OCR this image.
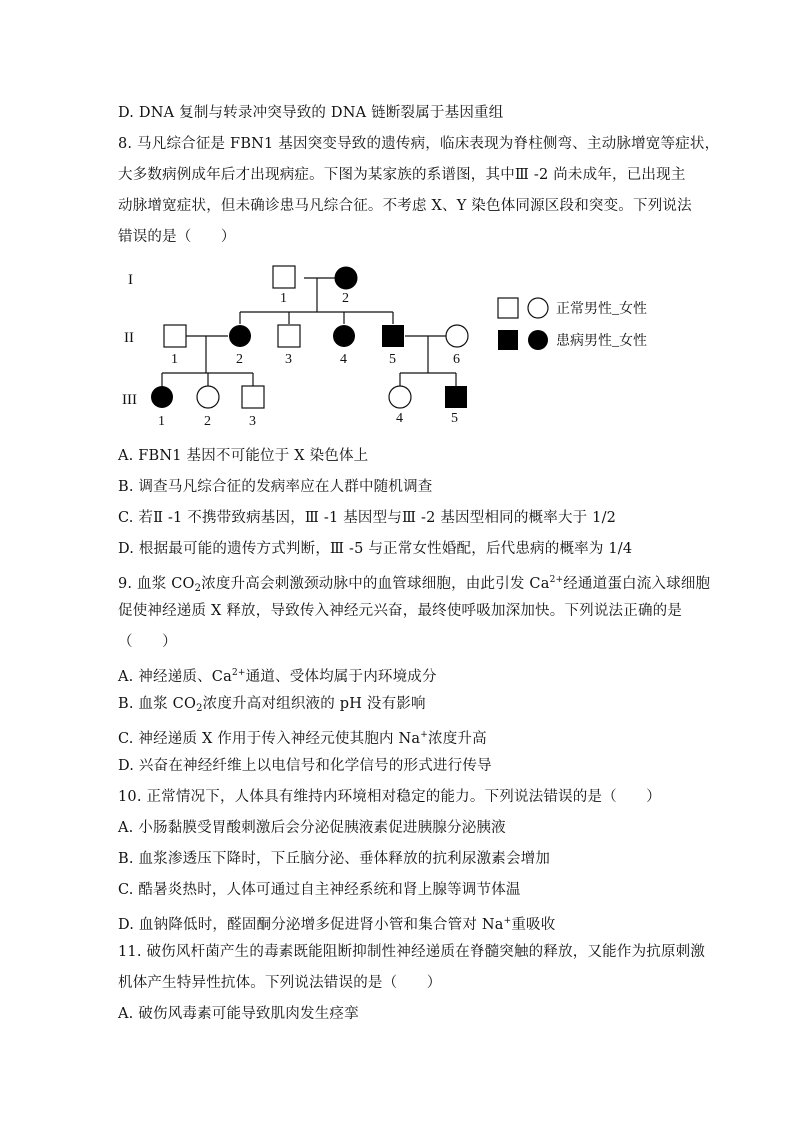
D. DNA 复制与转录冲突导致的 DNA 链断裂属于基因重组
8. 马凡综合征是 FBN1 基因突变导致的遗传病，临床表现为脊柱侧弯、主动脉增宽等症状，
大多数病例成年后才出现病症。下图为某家族的系谱图，其中Ⅲ -2 尚未成年，已出现主
动脉增宽症状，但未确诊患马凡综合征。不考虑 X、Y 染色体同源区段和突变。下列说法
错误的是（　　）
I
II
III
1	2
1	2	3	4	5	6
1	2	3	4	5
正常男性_女性
患病男性_女性
A. FBN1 基因不可能位于 X 染色体上
B. 调查马凡综合征的发病率应在人群中随机调查
C. 若Ⅱ -1 不携带致病基因，Ⅲ -1 基因型与Ⅲ -2 基因型相同的概率大于 1/2
D. 根据最可能的遗传方式判断，Ⅲ -5 与正常女性婚配，后代患病的概率为 1/4
9. 血浆 $CO_2$浓度升高会刺激颈动脉中的血管球细胞，由此引发 $Ca^{2+}$经通道蛋白流入球细胞
促使神经递质 X 释放，导致传入神经元兴奋，最终使呼吸加深加快。下列说法正确的是
（　　）
A. 神经递质、$Ca^{2+}$通道、受体均属于内环境成分
B. 血浆 $CO_2$浓度升高对组织液的 pH 没有影响
C. 神经递质 X 作用于传入神经元使其胞内 Na+浓度升高
D. 兴奋在神经纤维上以电信号和化学信号的形式进行传导
10. 正常情况下，人体具有维持内环境相对稳定的能力。下列说法错误的是（　　）
A. 小肠黏膜受胃酸刺激后会分泌促胰液素促进胰腺分泌胰液
B. 血浆渗透压下降时，下丘脑分泌、垂体释放的抗利尿激素会增加
C. 酷暑炎热时，人体可通过自主神经系统和肾上腺等调节体温
D. 血钠降低时，醛固酮分泌增多促进肾小管和集合管对 Na+重吸收
11. 破伤风杆菌产生的毒素既能阻断抑制性神经递质在脊髓突触的释放，又能作为抗原刺激
机体产生特异性抗体。下列说法错误的是（　　）
A. 破伤风毒素可能导致肌肉发生痉挛
